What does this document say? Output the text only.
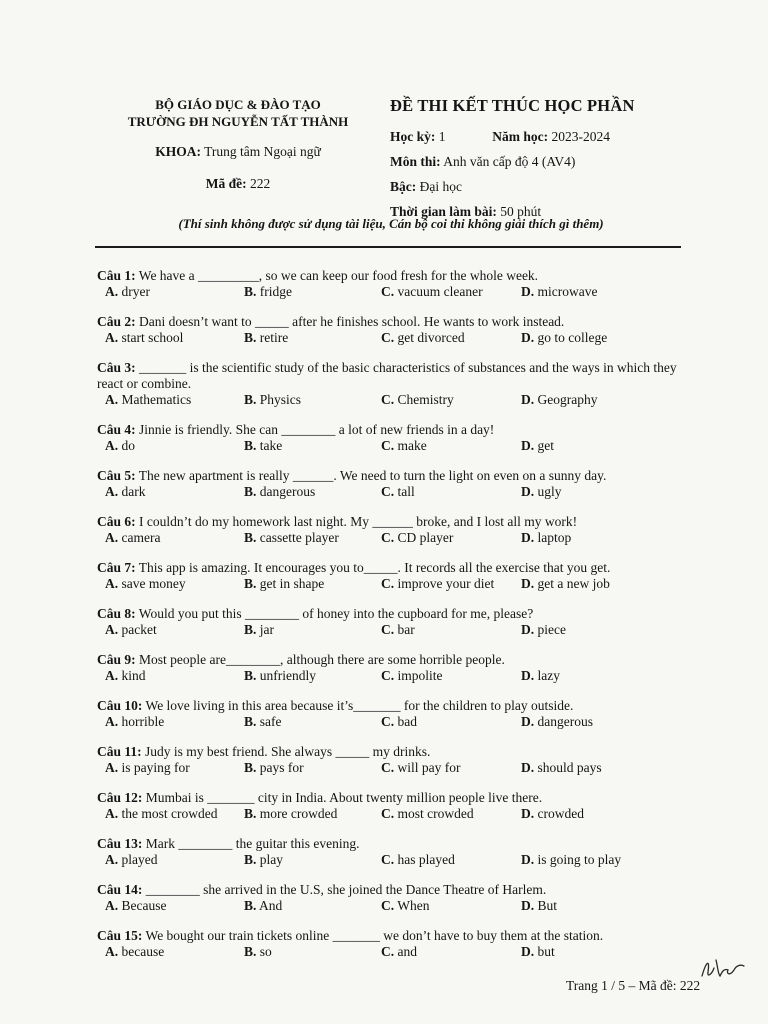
BỘ GIÁO DỤC & ĐÀO TẠO
TRƯỜNG ĐH NGUYỄN TẤT THÀNH
KHOA: Trung tâm Ngoại ngữ
Mã đề: 222
ĐỀ THI KẾT THÚC HỌC PHẦN
Học kỳ: 1	Năm học: 2023-2024
Môn thi: Anh văn cấp độ 4 (AV4)
Bậc: Đại học
Thời gian làm bài: 50 phút
(Thí sinh không được sử dụng tài liệu, Cán bộ coi thi không giải thích gì thêm)
Câu 1: We have a _________, so we can keep our food fresh for the whole week.
A. dryer	B. fridge	C. vacuum cleaner	D. microwave
Câu 2: Dani doesn’t want to _____ after he finishes school. He wants to work instead.
A. start school	B. retire	C. get divorced	D. go to college
Câu 3: _______ is the scientific study of the basic characteristics of substances and the ways in which they react or combine.
A. Mathematics	B. Physics	C. Chemistry	D. Geography
Câu 4: Jinnie is friendly. She can ________ a lot of new friends in a day!
A. do	B. take	C. make	D. get
Câu 5: The new apartment is really ______. We need to turn the light on even on a sunny day.
A. dark	B. dangerous	C. tall	D. ugly
Câu 6: I couldn’t do my homework last night. My ______ broke, and I lost all my work!
A. camera	B. cassette player	C. CD player	D. laptop
Câu 7: This app is amazing. It encourages you to_____. It records all the exercise that you get.
A. save money	B. get in shape	C. improve your diet D. get a new job
Câu 8: Would you put this ________ of honey into the cupboard for me, please?
A. packet	B. jar	C. bar	D. piece
Câu 9: Most people are________, although there are some horrible people.
A. kind	B. unfriendly	C. impolite	D. lazy
Câu 10: We love living in this area because it’s_______ for the children to play outside.
A. horrible	B. safe	C. bad	D. dangerous
Câu 11: Judy is my best friend. She always _____ my drinks.
A. is paying for	B. pays for	C. will pay for	D. should pays
Câu 12: Mumbai is _______ city in India. About twenty million people live there.
A. the most crowded B. more crowded	C. most crowded	D. crowded
Câu 13: Mark ________ the guitar this evening.
A. played	B. play	C. has played	D. is going to play
Câu 14: ________ she arrived in the U.S, she joined the Dance Theatre of Harlem.
A. Because	B. And	C. When	D. But
Câu 15: We bought our train tickets online _______ we don’t have to buy them at the station.
A. because	B. so	C. and	D. but
Trang 1 / 5 – Mã đề: 222
